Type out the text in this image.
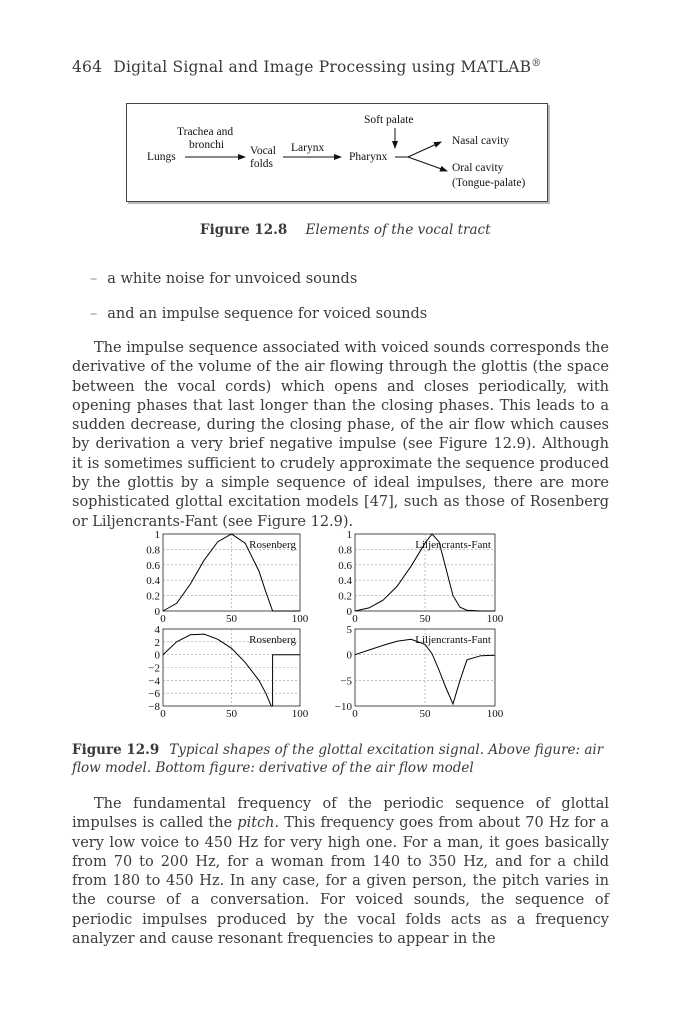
464 Digital Signal and Image Processing using MATLAB®
Lungs
Trachea and
bronchi Vocal
folds
Larynx
Pharynx
Soft palate
Nasal cavity
Oral cavity
(Tongue-palate)
Figure 12.8 Elements of the vocal tract
– a white noise for unvoiced sounds
– and an impulse sequence for voiced sounds

The impulse sequence associated with voiced sounds corresponds the derivative of the volume of the air flowing through the glottis (the space between the vocal cords) which opens and closes periodically, with opening phases that last longer than the closing phases. This leads to a sudden decrease, during the closing phase, of the air flow which causes by derivation a very brief negative impulse (see Figure 12.9). Although it is sometimes sufficient to crudely approximate the sequence produced by the glottis by a simple sequence of ideal impulses, there are more sophisticated glottal excitation models [47], such as those of Rosenberg or Liljencrants-Fant (see Figure 12.9).

0
0.2
0.4
0.6
0.8
1
0	50	100
Rosenberg
0
0.2
0.4
0.6
0.8
1
0	50	100
Liljencrants-Fant
4
2
0
−2
−4
−6
−8
0	50	100
Rosenberg
5
0
−5
−10
0	50	100
Liljencrants-Fant
Figure 12.9 Typical shapes of the glottal excitation signal. Above figure: air flow model. Bottom figure: derivative of the air flow model

The fundamental frequency of the periodic sequence of glottal impulses is called the pitch. This frequency goes from about 70 Hz for a very low voice to 450 Hz for very high one. For a man, it goes basically from 70 to 200 Hz, for a woman from 140 to 350 Hz, and for a child from 180 to 450 Hz. In any case, for a given person, the pitch varies in the course of a conversation. For voiced sounds, the sequence of periodic impulses produced by the vocal folds acts as a frequency analyzer and cause resonant frequencies to appear in the
